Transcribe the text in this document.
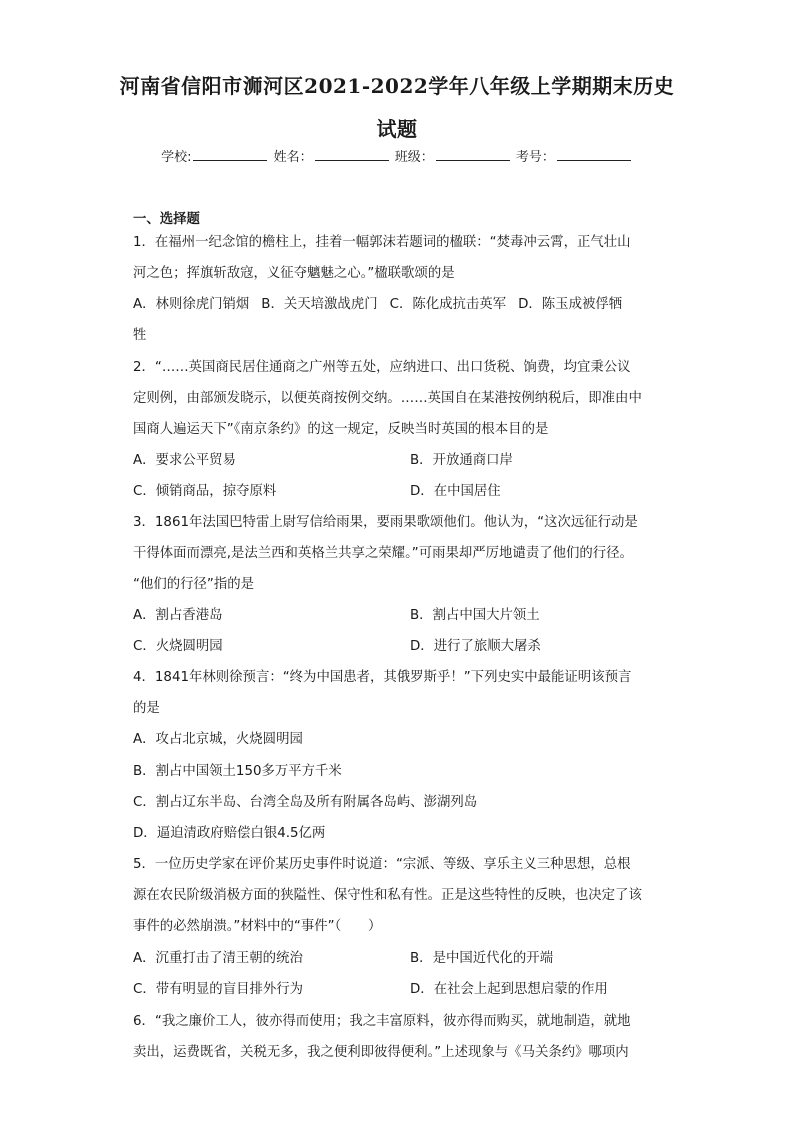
河南省信阳市浉河区2021-2022学年八年级上学期期末历史
试题
学校:	姓名：	班级：	考号：
一、选择题
1．在福州一纪念馆的檐柱上，挂着一幅郭沫若题词的楹联：“焚毒冲云霄，正气壮山
河之色；挥旗斩敌寇，义征夺魑魅之心。”楹联歌颂的是
A．林则徐虎门销烟 B．关天培激战虎门 C．陈化成抗击英军 D．陈玉成被俘牺
牲
2．“……英国商民居住通商之广州等五处，应纳进口、出口货税、饷费，均宜秉公议
定则例，由部颁发晓示，以便英商按例交纳。……英国自在某港按例纳税后，即准由中
国商人遍运天下”《南京条约》的这一规定，反映当时英国的根本目的是
A．要求公平贸易	B．开放通商口岸
C．倾销商品，掠夺原料	D．在中国居住
3．1861年法国巴特雷上尉写信给雨果，要雨果歌颂他们。他认为，“这次远征行动是
干得体面而漂亮,是法兰西和英格兰共享之荣耀。”可雨果却严厉地谴责了他们的行径。
“他们的行径”指的是
A．割占香港岛	B．割占中国大片领土
C．火烧圆明园	D．进行了旅顺大屠杀
4．1841年林则徐预言：“终为中国患者，其俄罗斯乎！”下列史实中最能证明该预言
的是
A．攻占北京城，火烧圆明园
B．割占中国领土150多万平方千米
C．割占辽东半岛、台湾全岛及所有附属各岛屿、澎湖列岛
D．逼迫清政府赔偿白银4.5亿两
5．一位历史学家在评价某历史事件时说道：“宗派、等级、享乐主义三种思想，总根
源在农民阶级消极方面的狭隘性、保守性和私有性。正是这些特性的反映，也决定了该
事件的必然崩溃。”材料中的“事件”（　　）
A．沉重打击了清王朝的统治	B．是中国近代化的开端
C．带有明显的盲目排外行为	D．在社会上起到思想启蒙的作用
6．“我之廉价工人，彼亦得而使用；我之丰富原料，彼亦得而购买，就地制造，就地
卖出，运费既省，关税无多，我之便利即彼得便利。”上述现象与《马关条约》哪项内
